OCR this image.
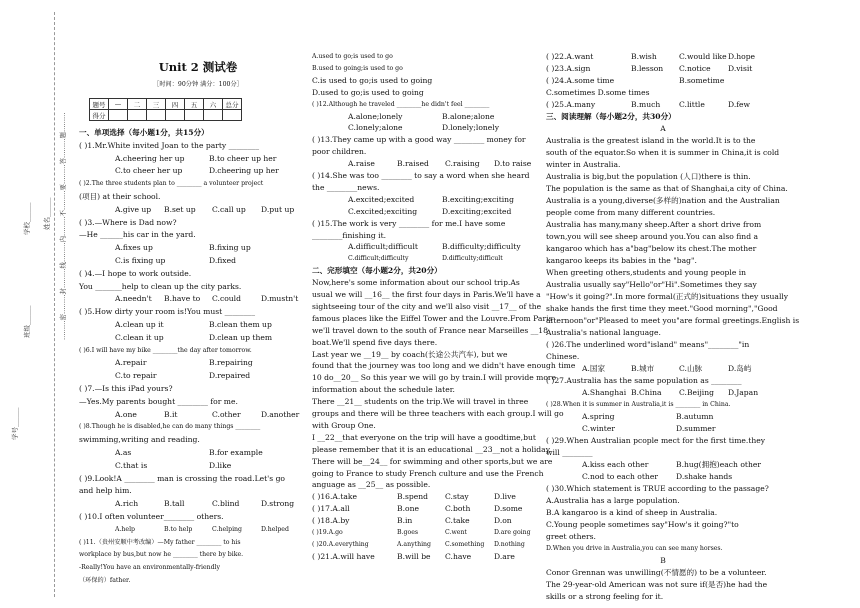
学校______
班级______
姓名______ ………密………封………线………内………不………要………答………题………
学号______
Unit 2 测试卷
［时间：90分钟 满分：100分］
题号	—	二	三	四	五	六	总分
得分							
一、单项选择（每小题1分，共15分）
( )1.Mr.White invited Joan to the party ________
A.cheering her up	B.to cheer up her
C.to cheer her up	D.cheering up her
( )2.The three students plan to ________ a volunteer project
(项目) at their school.
A.give up B.set up C.call up D.put up
( )3.—Where is Dad now?
—He ______his car in the yard.
A.fixes up	B.fixing up
C.is fixing up	D.fixed
( )4.—I hope to work outside.
You _______help to clean up the city parks.
A.needn't B.have to C.could	D.mustn't
( )5.How dirty your room is!You must ________
A.clean up it	B.clean them up
C.clean it up	D.clean up them
( )6.I will have my bike ________the day after tomorrow.
A.repair	B.repairing
C.to repair	D.repaired
( )7.—Is this iPad yours?
—Yes.My parents bought ________ for me.
A.one	B.it	C.other	D.another
( )8.Though he is disabled,he can do many things ________
swimming,writing and reading.
A.as	B.for example
C.that is	D.like
( )9.Look!A ________ man is crossing the road.Let's go
and help him.
A.rich	B.tall	C.blind	D.strong
( )10.I often volunteer________ others.
A.help	B.to help	C.helping	D.helped
( )11.（贵州安顺中考改编）—My father ________ to his
workplace by bus,but now he ________ there by bike.
-Really!You have an environmentally-friendly
（环保的）father.
A.used to go;is used to go
B.used to going;is used to go
C.is used to go;is used to going
D.used to go;is used to going
( )12.Although he traveled ________he didn't feel ________
A.alone;lonely	B.alone;alone
C.lonely;alone	D.lonely;lonely
( )13.They came up with a good way ________ money for
poor children.
A.raise	B.raised C.raising D.to raise
( )14.She was too ________ to say a word when she heard
the ________news.
A.excited;excited	B.exciting;exciting
C.excited;exciting	D.exciting;excited
( )15.The work is very ________ for me.I have some
________finishing it.
A.difficult;difficult	B.difficulty;difficulty
C.difficult;difficulty	D.difficulty;difficult
二、完形填空（每小题2分，共20分）
Now,here's some information about our school trip.As
usual we will __16__ the first four days in Paris.We'll have a
sightseeing tour of the city and we'll also visit __17__ of the
famous places like the Eiffel Tower and the Louvre.From Paris
we'll travel down to the south of France near Marseilles __18
boat.We'll spend five days there.
Last year we __19__ by coach(长途公共汽车), but we
found that the journey was too long and we didn't have enough time
10 do__20__ So this year we will go by train.I will provide more
information about the schedule later.
There __21__ students on the trip.We will travel in three
groups and there will be three teachers with each group.I will go
with Group One.
I __22__that everyone on the trip will have a goodtime,but
please remember that it is an educational __23__not a holiday.
There will be__24__ for swimming and other sports,but we are
going to France to study French culture and use the French
anguage as __25__ as possible.
( )16.A.take	B.spend C.stay	D.live
( )17.A.all	B.one	C.both	D.some
( )18.A.by	B.in	C.take	D.on
( )19.A.go	B.goes	C.went	D.are going
( )20.A.everything	A.anything C.something D.nothing
( )21.A.will have	B.will be C.have	D.are
( )22.A.want	B.wish	C.would like D.hope
( )23.A.sign	B.lesson C.notice D.visit
( )24.A.some time	B.sometime
C.sometimes D.some times
( )25.A.many	B.much C.little	D.few
三、阅读理解（每小题2分，共30分）
A
Australia is the greatest island in the world.It is to the
south of the equator.So when it is summer in China,it is cold
winter in Australia.
Australia is big,but the population (人口)there is thin.
The population is the same as that of Shanghai,a city of China.
Australia is a young,diverse(多样的)nation and the Australian
people come from many different countries.
Australia has many,many sheep.After a short drive from
town,you will see sheep around you.You can also find a
kangaroo which has a"bag"below its chest.The mother
kangaroo keeps its babies in the "bag".
When greeting others,students and young people in
Australia usually say"Hello"or"Hi".Sometimes they say
"How's it going?".In more formal(正式的)situations they usually
shake hands the first time they meet."Good morning","Good
afternoon"or"Pleased to meet you"are formal greetings.English is
Australia's national language.
( )26.The underlined word"island" means"________"in
Chinese.
A.国家	B.城市	C.山脉	D.岛屿
( )27.Australia has the same population as ________
A.Shanghai B.China C.Beijing D.Japan
( )28.When it is summer in Australia,it is ________ in China.
A.spring	B.autumn
C.winter	D.summer
( )29.When Australian pcople mect for the first time.they
will ________
A.kiss each other	B.hug(拥抱)each other
C.nod to each other D.shake hands
( )30.Which statement is TRUE according to the passage?
A.Australia has a large population.
B.A kangaroo is a kind of sheep in Australia.
C.Young people sometimes say"How's it going?"to
greet others.
D.When you drive in Australia,you can see many horses.
B
Conor Grennan was unwilling(不情愿的) to be a volunteer.
The 29-year-old American was not sure if(是否)he had the
skills or a strong feeling for it.
